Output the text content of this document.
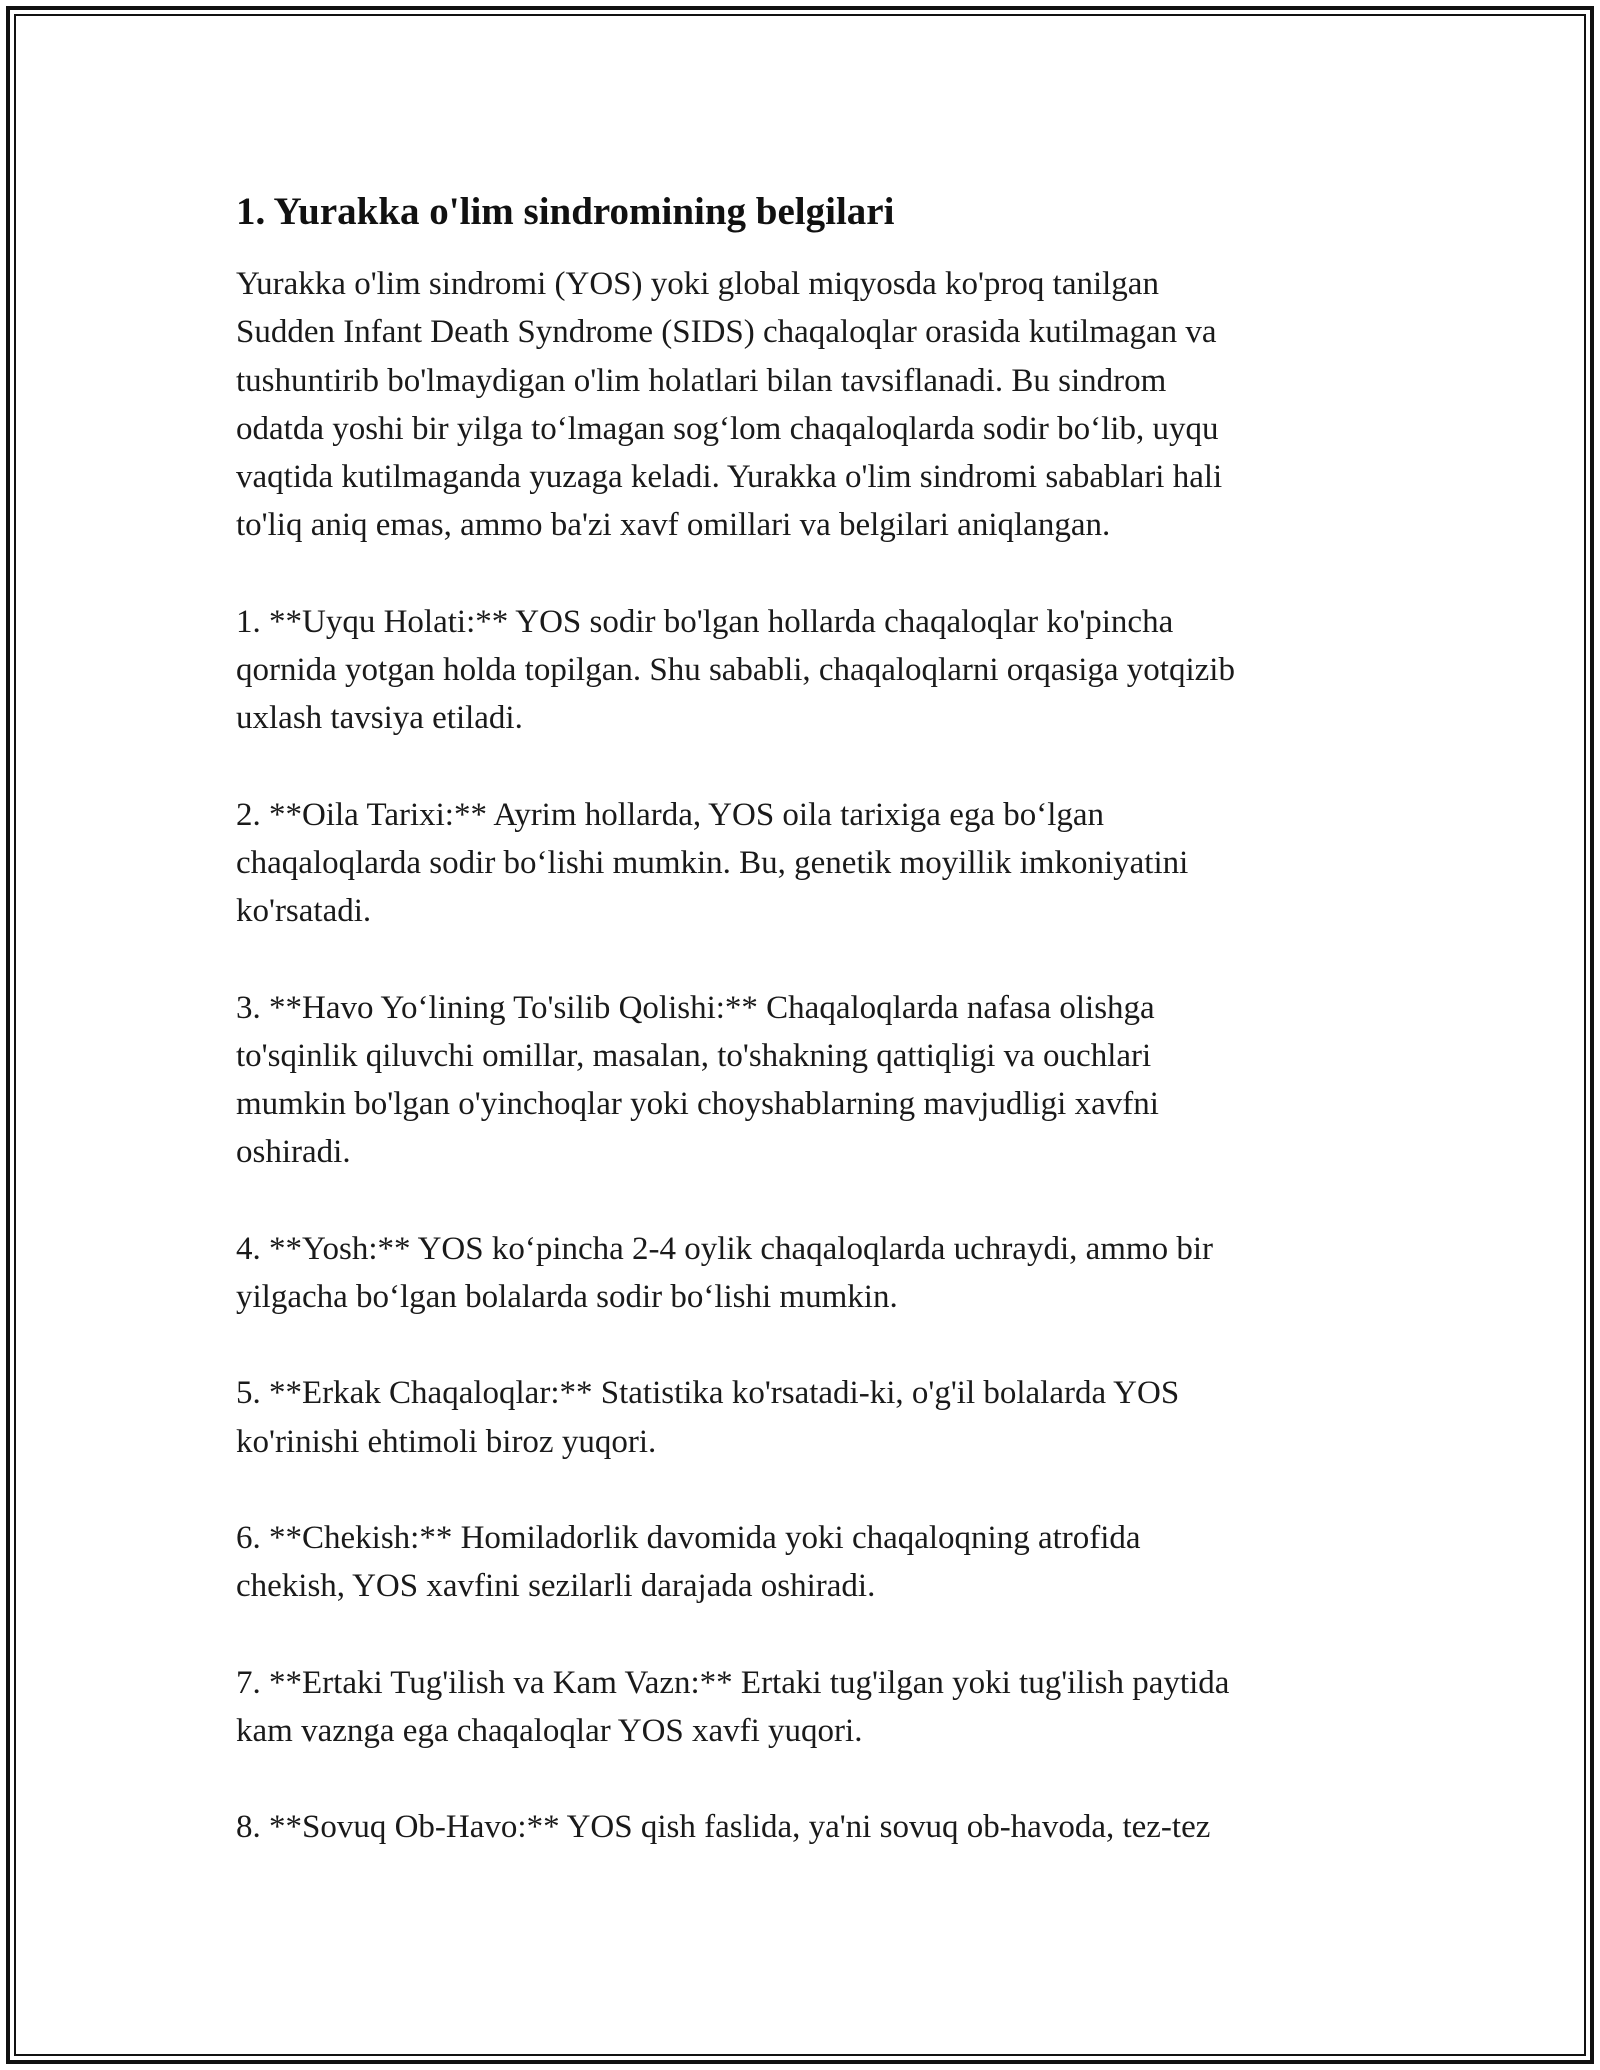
1. Yurakka o'lim sindromining belgilari

Yurakka o'lim sindromi (YOS) yoki global miqyosda ko'proq tanilgan
Sudden Infant Death Syndrome (SIDS) chaqaloqlar orasida kutilmagan va
tushuntirib bo'lmaydigan o'lim holatlari bilan tavsiflanadi. Bu sindrom
odatda yoshi bir yilga to‘lmagan sog‘lom chaqaloqlarda sodir bo‘lib, uyqu
vaqtida kutilmaganda yuzaga keladi. Yurakka o'lim sindromi sabablari hali
to'liq aniq emas, ammo ba'zi xavf omillari va belgilari aniqlangan.

1. **Uyqu Holati:** YOS sodir bo'lgan hollarda chaqaloqlar ko'pincha
qornida yotgan holda topilgan. Shu sababli, chaqaloqlarni orqasiga yotqizib
uxlash tavsiya etiladi.

2. **Oila Tarixi:** Ayrim hollarda, YOS oila tarixiga ega bo‘lgan
chaqaloqlarda sodir bo‘lishi mumkin. Bu, genetik moyillik imkoniyatini
ko'rsatadi.

3. **Havo Yo‘lining To'silib Qolishi:** Chaqaloqlarda nafasa olishga
to'sqinlik qiluvchi omillar, masalan, to'shakning qattiqligi va ouchlari
mumkin bo'lgan o'yinchoqlar yoki choyshablarning mavjudligi xavfni
oshiradi.

4. **Yosh:** YOS ko‘pincha 2-4 oylik chaqaloqlarda uchraydi, ammo bir
yilgacha bo‘lgan bolalarda sodir bo‘lishi mumkin.

5. **Erkak Chaqaloqlar:** Statistika ko'rsatadi-ki, o'g'il bolalarda YOS
ko'rinishi ehtimoli biroz yuqori.

6. **Chekish:** Homiladorlik davomida yoki chaqaloqning atrofida
chekish, YOS xavfini sezilarli darajada oshiradi.

7. **Ertaki Tug'ilish va Kam Vazn:** Ertaki tug'ilgan yoki tug'ilish paytida
kam vaznga ega chaqaloqlar YOS xavfi yuqori.

8. **Sovuq Ob-Havo:** YOS qish faslida, ya'ni sovuq ob-havoda, tez-tez
